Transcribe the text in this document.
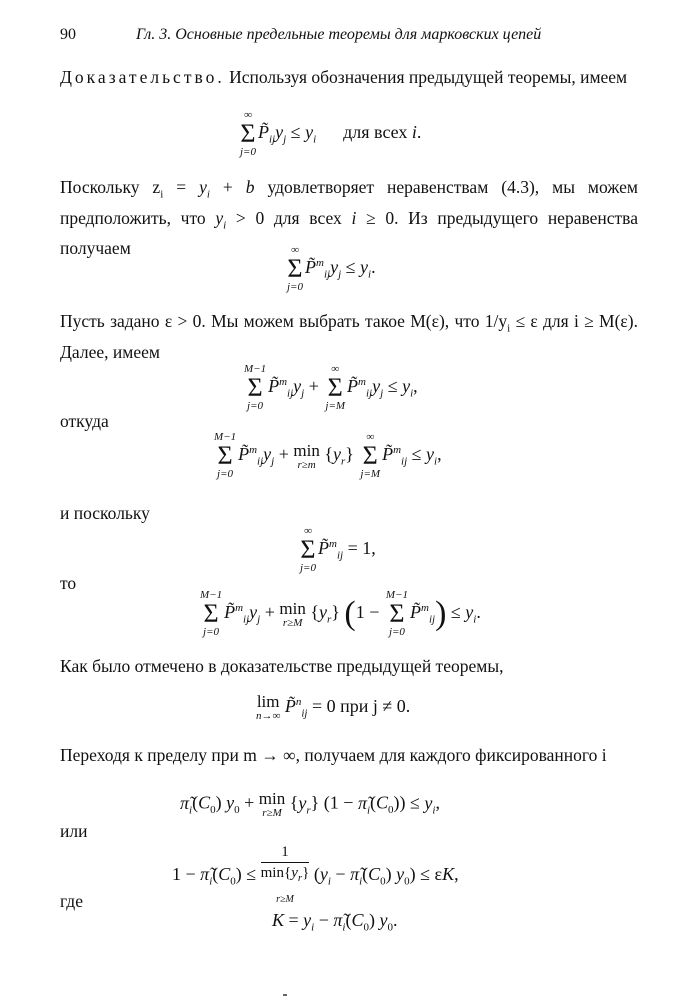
90	Гл. 3. Основные предельные теоремы для марковских цепей
Доказательство. Используя обозначения предыдущей теоремы, имеем
∞
Σ
j=0
$P̃_{ij}y_j \le y_i$ для всех i.
Поскольку $z_i = y_i + b$ удовлетворяет неравенствам (4.3), мы можем предположить, что $y_i > 0$ для всех i ≥ 0. Из предыдущего неравенства получаем	∞
Σ
j=0
$P̃^m_{ij}y_j \le y_i$.
Пусть задано ε > 0. Мы можем выбрать такое M(ε), что $1/y_i \le \varepsilon$ для i ≥ M(ε). Далее, имеем
M−1
Σ
j=0
$P̃^m_{ij}y_j$ +
∞
Σ
j=M
$P̃^m_{ij}y_j \le y_i$,
откуда
M−1
Σ
j=0
$P̃^m_{ij}y_j + \min$
r≥m
$\{y_r\}$
∞
Σ
j=M
P̃$^m_{ij}$ ≤ $y_i$,
и поскольку
∞
Σ
j=0
P̃$^m_{ij}$ = 1,
то
M−1
Σ
j=0
$P̃^m_{ij}y_j + \min$
r≥M
$\{y_r\} (1$ −
M−1
Σ
j=0
P̃$^m_{ij}$) ≤ $y_i$.
Как было отмечено в доказательстве предыдущей теоремы,
lim
n→∞
P̃$^n_{ij}$ = 0 при j ≠ 0.
Переходя к пределу при m → ∞, получаем для каждого фиксированного i
$\pĩ_i(C_0) y_0 + \min$
r≥M
$\{y_r\} (1$ − $\pĩ_i(C_0)) \le y_i$,
или
$1 - \pĩ_i(C_0)$ ≤
1
$\min\{y_r\}$
r≥M
($y_i$ − $\pĩ_i(C_0) y_0) \le \varepsilon K$,
где
$K = y_i$ − $\pĩ_i(C_0)$ $y_0$.
